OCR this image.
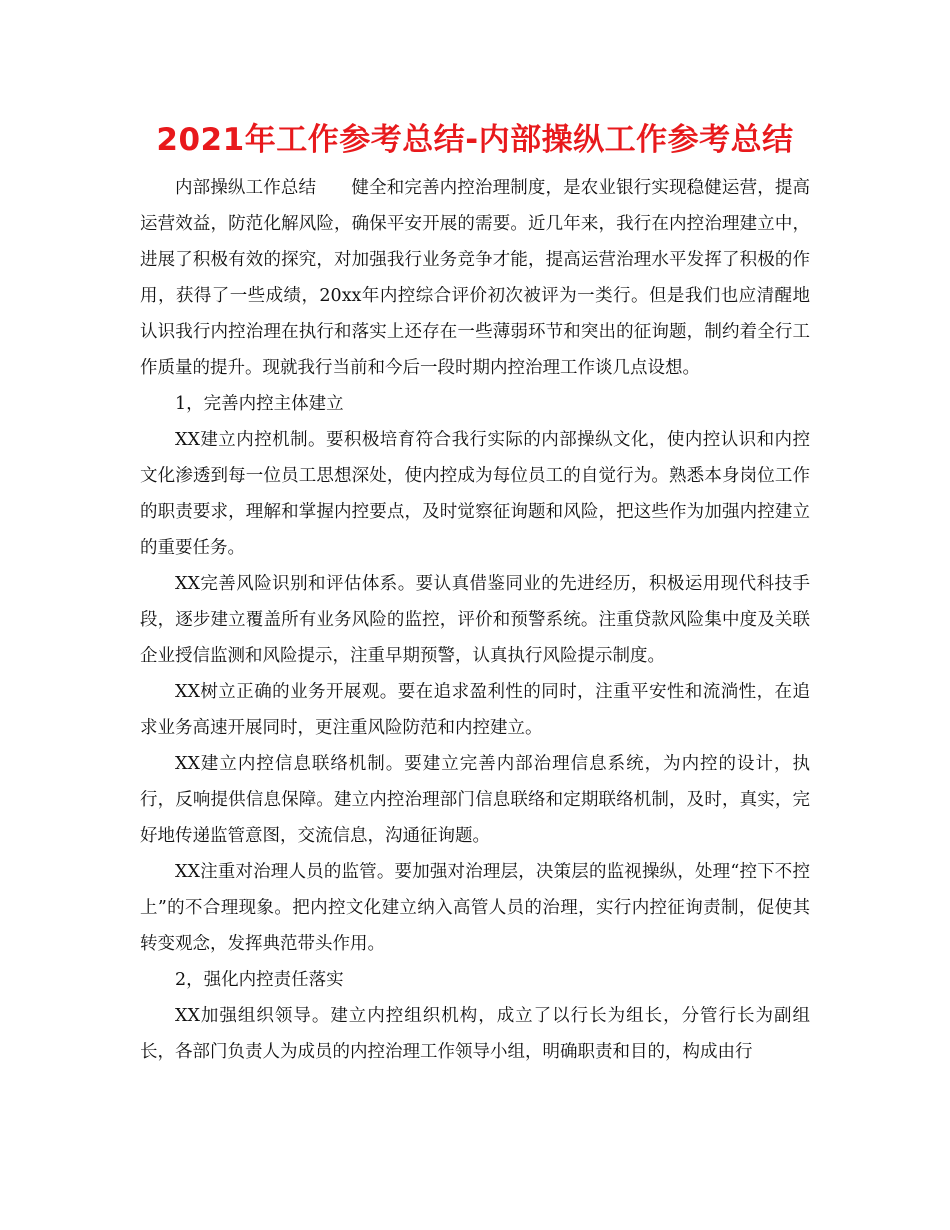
2021年工作参考总结-内部操纵工作参考总结

内部操纵工作总结　　健全和完善内控治理制度，是农业银行实现稳健运营，提高运营效益，防范化解风险，确保平安开展的需要。近几年来，我行在内控治理建立中，进展了积极有效的探究，对加强我行业务竞争才能，提高运营治理水平发挥了积极的作用，获得了一些成绩，20xx年内控综合评价初次被评为一类行。但是我们也应清醒地认识我行内控治理在执行和落实上还存在一些薄弱环节和突出的征询题，制约着全行工作质量的提升。现就我行当前和今后一段时期内控治理工作谈几点设想。

1，完善内控主体建立

XX建立内控机制。要积极培育符合我行实际的内部操纵文化，使内控认识和内控文化渗透到每一位员工思想深处，使内控成为每位员工的自觉行为。熟悉本身岗位工作的职责要求，理解和掌握内控要点，及时觉察征询题和风险，把这些作为加强内控建立的重要任务。

XX完善风险识别和评估体系。要认真借鉴同业的先进经历，积极运用现代科技手段，逐步建立覆盖所有业务风险的监控，评价和预警系统。注重贷款风险集中度及关联企业授信监测和风险提示，注重早期预警，认真执行风险提示制度。

XX树立正确的业务开展观。要在追求盈利性的同时，注重平安性和流淌性，在追求业务高速开展同时，更注重风险防范和内控建立。

XX建立内控信息联络机制。要建立完善内部治理信息系统，为内控的设计，执行，反响提供信息保障。建立内控治理部门信息联络和定期联络机制，及时，真实，完好地传递监管意图，交流信息，沟通征询题。

XX注重对治理人员的监管。要加强对治理层，决策层的监视操纵，处理“控下不控上”的不合理现象。把内控文化建立纳入高管人员的治理，实行内控征询责制，促使其转变观念，发挥典范带头作用。

2，强化内控责任落实

XX加强组织领导。建立内控组织机构，成立了以行长为组长，分管行长为副组长，各部门负责人为成员的内控治理工作领导小组，明确职责和目的，构成由行
